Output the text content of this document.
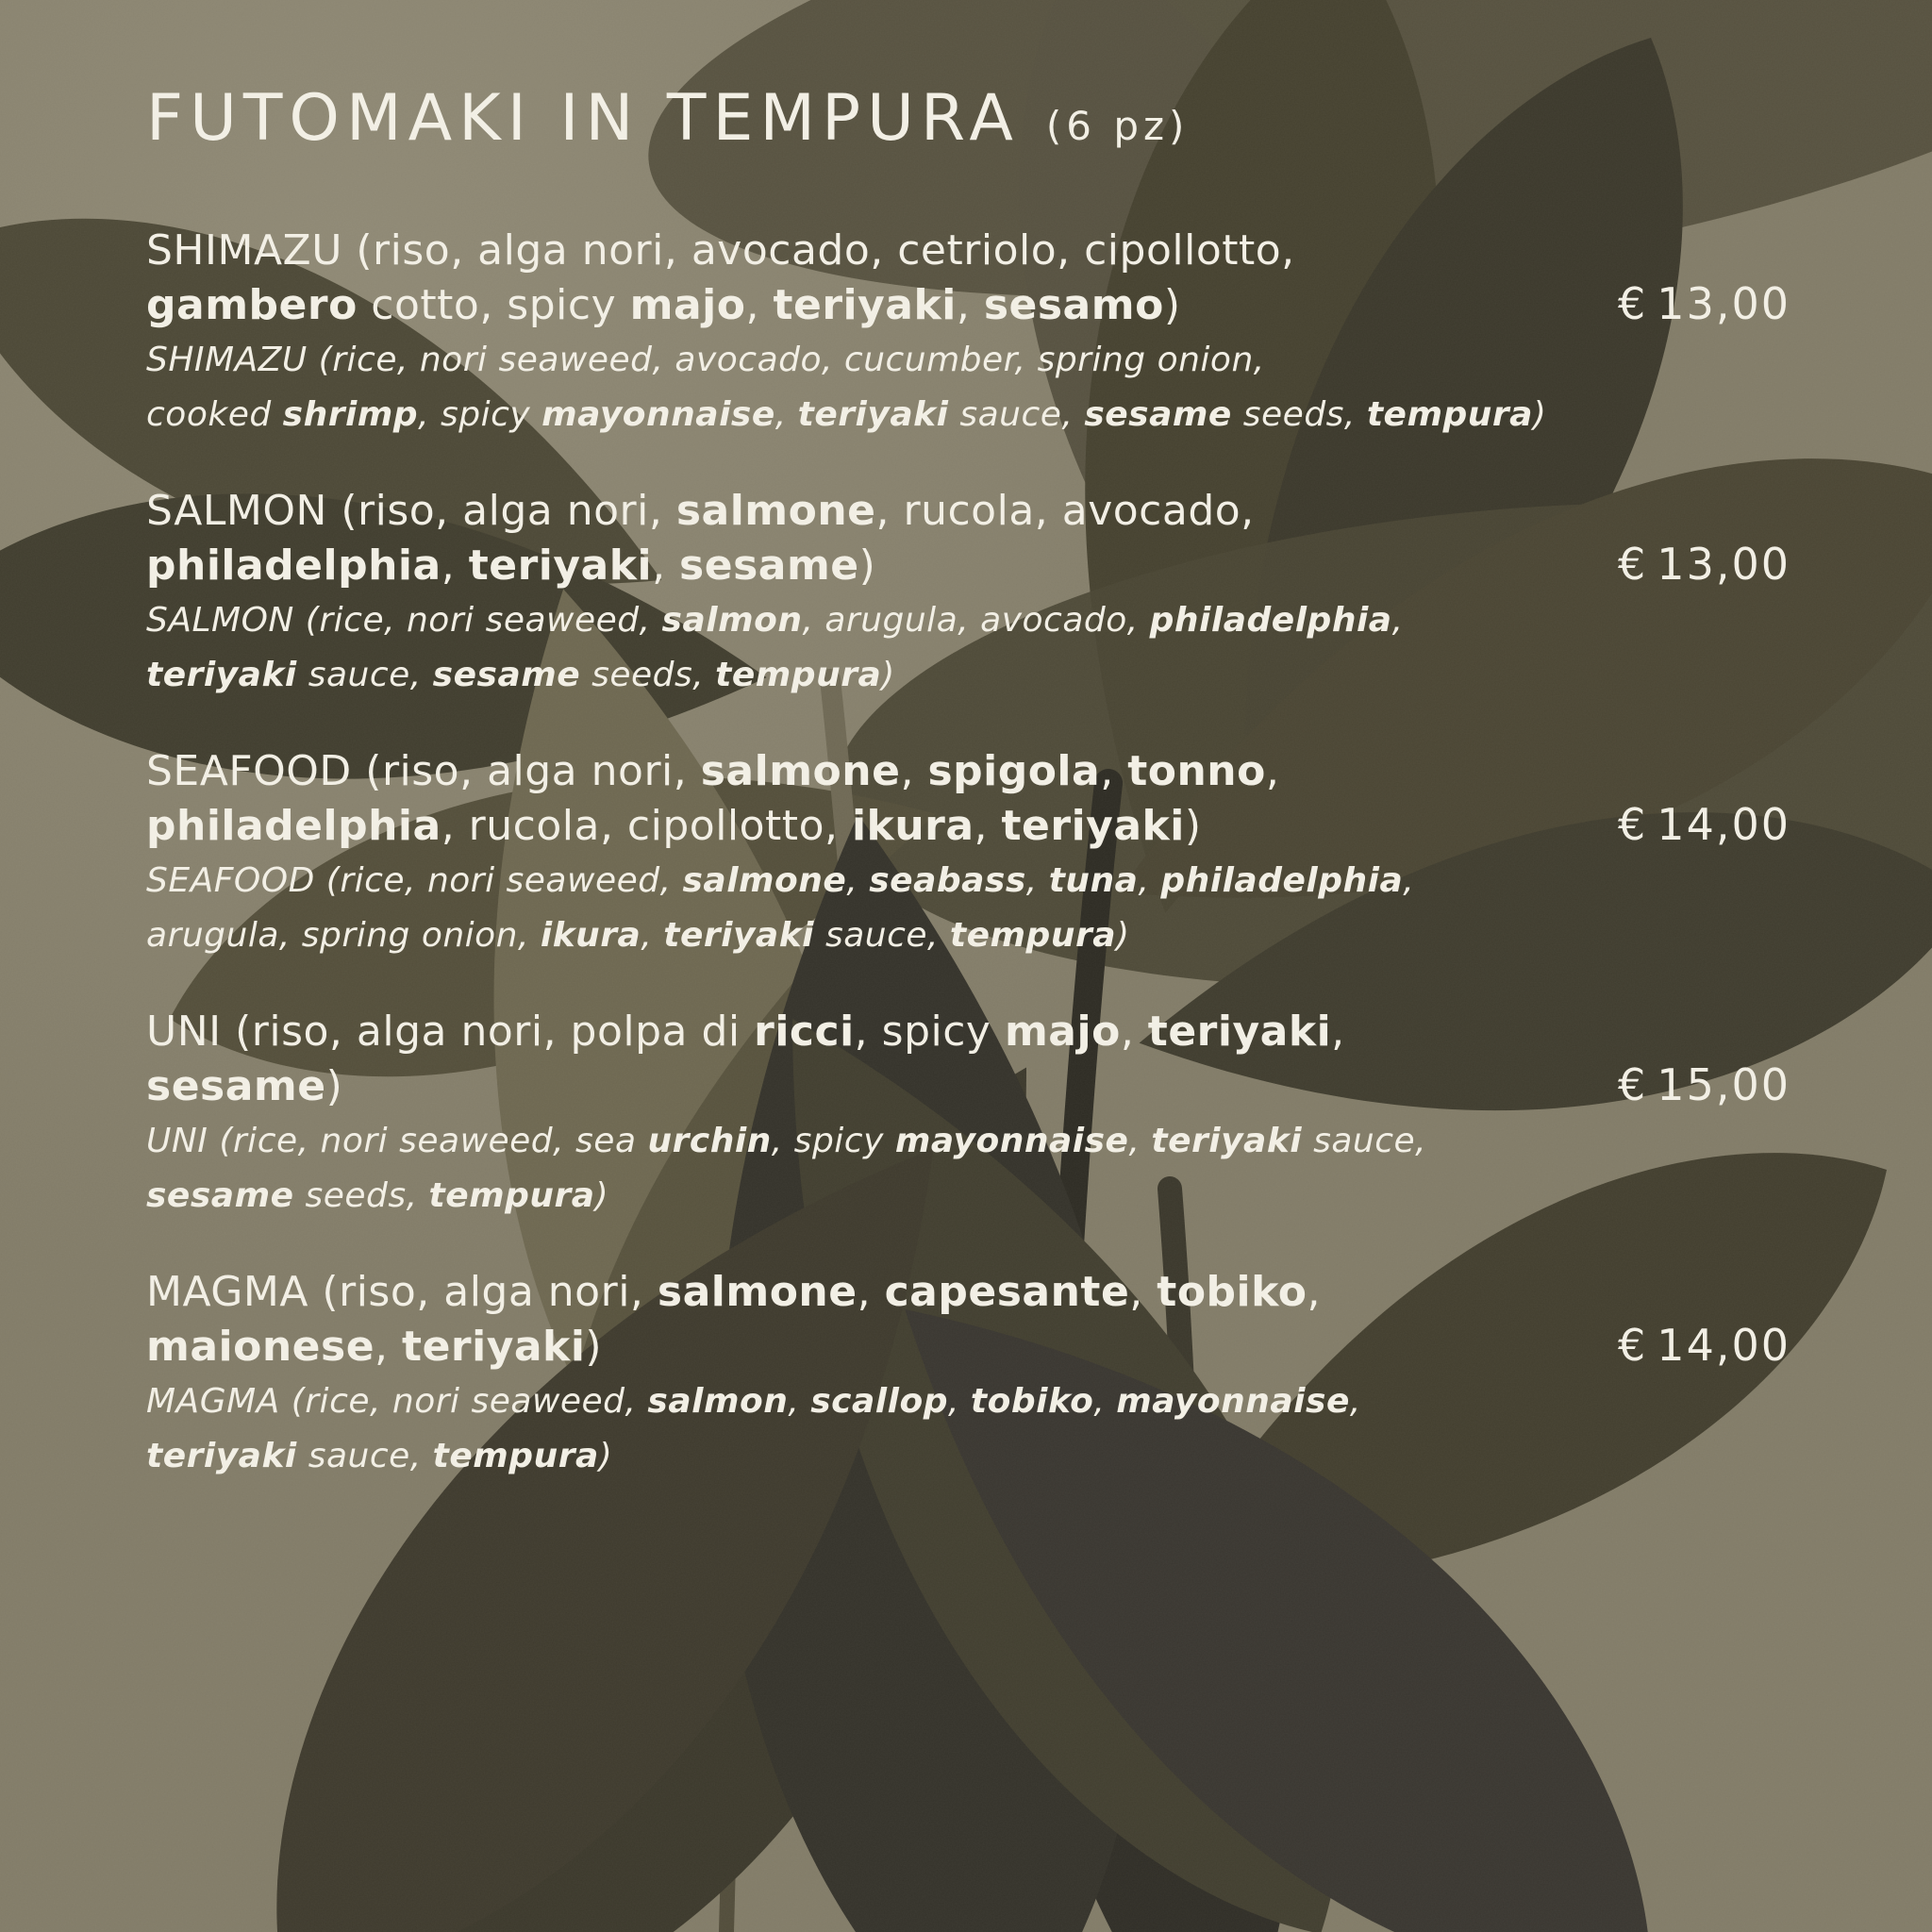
FUTOMAKI IN TEMPURA (6 pz)
SHIMAZU (riso, alga nori, avocado, cetriolo, cipollotto,
gambero cotto, spicy majo, teriyaki, sesamo)
SHIMAZU (rice, nori seaweed, avocado, cucumber, spring onion,
cooked shrimp, spicy mayonnaise, teriyaki sauce, sesame seeds, tempura)
€ 13,00
SALMON (riso, alga nori, salmone, rucola, avocado,
philadelphia, teriyaki, sesame)
SALMON (rice, nori seaweed, salmon, arugula, avocado, philadelphia,
teriyaki sauce, sesame seeds, tempura)
€ 13,00
SEAFOOD (riso, alga nori, salmone, spigola, tonno,
philadelphia, rucola, cipollotto, ikura, teriyaki)
SEAFOOD (rice, nori seaweed, salmone, seabass, tuna, philadelphia,
arugula, spring onion, ikura, teriyaki sauce, tempura)
€ 14,00
UNI (riso, alga nori, polpa di ricci, spicy majo, teriyaki,
sesame)
UNI (rice, nori seaweed, sea urchin, spicy mayonnaise, teriyaki sauce,
sesame seeds, tempura)
€ 15,00
MAGMA (riso, alga nori, salmone, capesante, tobiko,
maionese, teriyaki)
MAGMA (rice, nori seaweed, salmon, scallop, tobiko, mayonnaise,
teriyaki sauce, tempura)
€ 14,00
